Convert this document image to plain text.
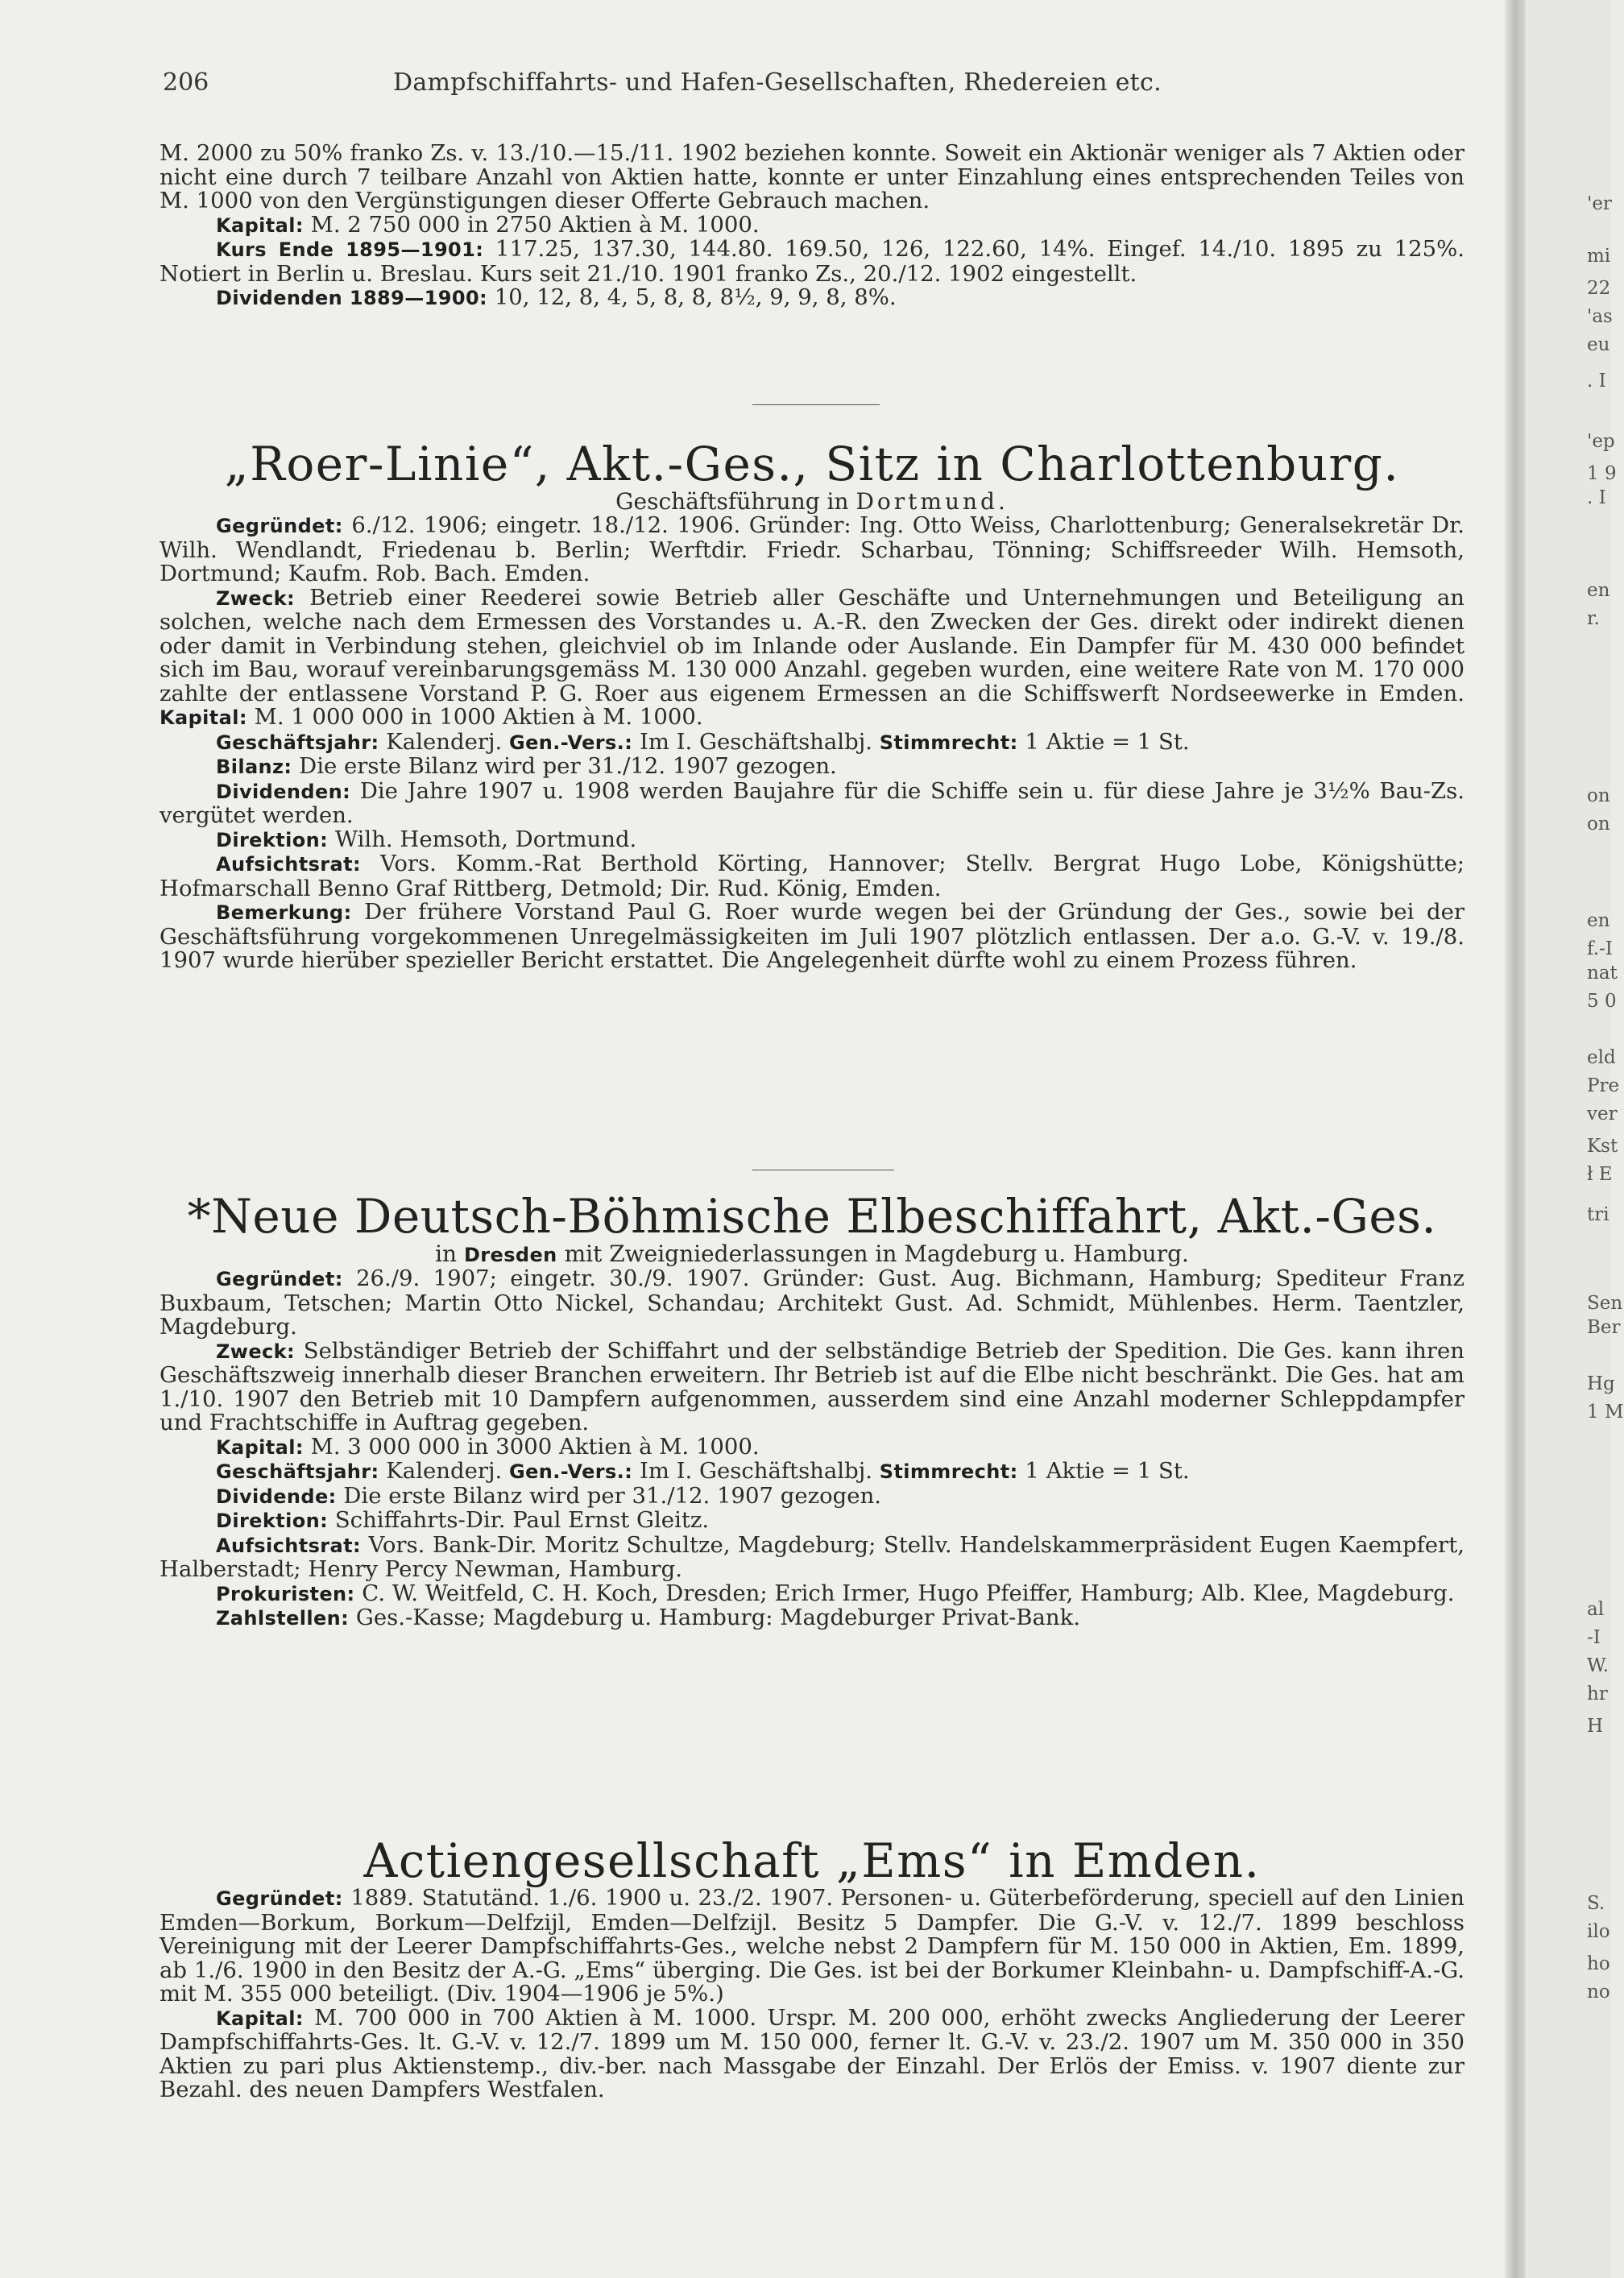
206	Dampfschiffahrts- und Hafen-Gesellschaften, Rhedereien etc.

M. 2000 zu 50% franko Zs. v. 13./10.—15./11. 1902 beziehen konnte. Soweit ein Aktionär weniger als 7 Aktien oder nicht eine durch 7 teilbare Anzahl von Aktien hatte, konnte er unter Einzahlung eines entsprechenden Teiles von M. 1000 von den Vergünstigungen dieser Offerte Gebrauch machen.

Kapital: M. 2 750 000 in 2750 Aktien à M. 1000.

Kurs Ende 1895—1901: 117.25, 137.30, 144.80. 169.50, 126, 122.60, 14%. Eingef. 14./10. 1895 zu 125%. Notiert in Berlin u. Breslau. Kurs seit 21./10. 1901 franko Zs., 20./12. 1902 eingestellt.

Dividenden 1889—1900: 10, 12, 8, 4, 5, 8, 8, 8½, 9, 9, 8, 8%.

„Roer-Linie“, Akt.-Ges., Sitz in Charlottenburg.
Geschäftsführung in Dortmund.

Gegründet: 6./12. 1906; eingetr. 18./12. 1906. Gründer: Ing. Otto Weiss, Charlottenburg; Generalsekretär Dr. Wilh. Wendlandt, Friedenau b. Berlin; Werftdir. Friedr. Scharbau, Tönning; Schiffsreeder Wilh. Hemsoth, Dortmund; Kaufm. Rob. Bach. Emden.

Zweck: Betrieb einer Reederei sowie Betrieb aller Geschäfte und Unternehmungen und Beteiligung an solchen, welche nach dem Ermessen des Vorstandes u. A.-R. den Zwecken der Ges. direkt oder indirekt dienen oder damit in Verbindung stehen, gleichviel ob im Inlande oder Auslande. Ein Dampfer für M. 430 000 befindet sich im Bau, worauf vereinbarungsgemäss M. 130 000 Anzahl. gegeben wurden, eine weitere Rate von M. 170 000 zahlte der entlassene Vorstand P. G. Roer aus eigenem Ermessen an die Schiffswerft Nordseewerke in Emden. Kapital: M. 1 000 000 in 1000 Aktien à M. 1000.

Geschäftsjahr: Kalenderj. Gen.-Vers.: Im I. Geschäftshalbj. Stimmrecht: 1 Aktie = 1 St.

Bilanz: Die erste Bilanz wird per 31./12. 1907 gezogen.

Dividenden: Die Jahre 1907 u. 1908 werden Baujahre für die Schiffe sein u. für diese Jahre je 3½% Bau-Zs. vergütet werden.

Direktion: Wilh. Hemsoth, Dortmund.

Aufsichtsrat: Vors. Komm.-Rat Berthold Körting, Hannover; Stellv. Bergrat Hugo Lobe, Königshütte; Hofmarschall Benno Graf Rittberg, Detmold; Dir. Rud. König, Emden.

Bemerkung: Der frühere Vorstand Paul G. Roer wurde wegen bei der Gründung der Ges., sowie bei der Geschäftsführung vorgekommenen Unregelmässigkeiten im Juli 1907 plötzlich entlassen. Der a.o. G.-V. v. 19./8. 1907 wurde hierüber spezieller Bericht erstattet. Die Angelegenheit dürfte wohl zu einem Prozess führen.

*Neue Deutsch-Böhmische Elbeschiffahrt, Akt.-Ges.
in Dresden mit Zweigniederlassungen in Magdeburg u. Hamburg.

Gegründet: 26./9. 1907; eingetr. 30./9. 1907. Gründer: Gust. Aug. Bichmann, Hamburg; Spediteur Franz Buxbaum, Tetschen; Martin Otto Nickel, Schandau; Architekt Gust. Ad. Schmidt, Mühlenbes. Herm. Taentzler, Magdeburg.

Zweck: Selbständiger Betrieb der Schiffahrt und der selbständige Betrieb der Spedition. Die Ges. kann ihren Geschäftszweig innerhalb dieser Branchen erweitern. Ihr Betrieb ist auf die Elbe nicht beschränkt. Die Ges. hat am 1./10. 1907 den Betrieb mit 10 Dampfern aufgenommen, ausserdem sind eine Anzahl moderner Schleppdampfer und Frachtschiffe in Auftrag gegeben.

Kapital: M. 3 000 000 in 3000 Aktien à M. 1000.

Geschäftsjahr: Kalenderj. Gen.-Vers.: Im I. Geschäftshalbj. Stimmrecht: 1 Aktie = 1 St.

Dividende: Die erste Bilanz wird per 31./12. 1907 gezogen.

Direktion: Schiffahrts-Dir. Paul Ernst Gleitz.

Aufsichtsrat: Vors. Bank-Dir. Moritz Schultze, Magdeburg; Stellv. Handelskammerpräsident Eugen Kaempfert, Halberstadt; Henry Percy Newman, Hamburg.

Prokuristen: C. W. Weitfeld, C. H. Koch, Dresden; Erich Irmer, Hugo Pfeiffer, Hamburg; Alb. Klee, Magdeburg.

Zahlstellen: Ges.-Kasse; Magdeburg u. Hamburg: Magdeburger Privat-Bank.

Actiengesellschaft „Ems“ in Emden.

Gegründet: 1889. Statutänd. 1./6. 1900 u. 23./2. 1907. Personen- u. Güterbeförderung, speciell auf den Linien Emden—Borkum, Borkum—Delfzijl, Emden—Delfzijl. Besitz 5 Dampfer. Die G.-V. v. 12./7. 1899 beschloss Vereinigung mit der Leerer Dampfschiffahrts-Ges., welche nebst 2 Dampfern für M. 150 000 in Aktien, Em. 1899, ab 1./6. 1900 in den Besitz der A.-G. „Ems“ überging. Die Ges. ist bei der Borkumer Kleinbahn- u. Dampfschiff-A.-G. mit M. 355 000 beteiligt. (Div. 1904—1906 je 5%.)

Kapital: M. 700 000 in 700 Aktien à M. 1000. Urspr. M. 200 000, erhöht zwecks Angliederung der Leerer Dampfschiffahrts-Ges. lt. G.-V. v. 12./7. 1899 um M. 150 000, ferner lt. G.-V. v. 23./2. 1907 um M. 350 000 in 350 Aktien zu pari plus Aktienstemp., div.-ber. nach Massgabe der Einzahl. Der Erlös der Emiss. v. 1907 diente zur Bezahl. des neuen Dampfers Westfalen.

'er
mi
22
'as
eu
. I
'ep
1 9
. I
en
r.
on
on
en
f.-I
nat
5 0
eld
Pre
ver
Kst
ł E
tri
Sen
Ber
Hg
1 M
al
-I
W.
hr
H
S.
ilo
ho
no
